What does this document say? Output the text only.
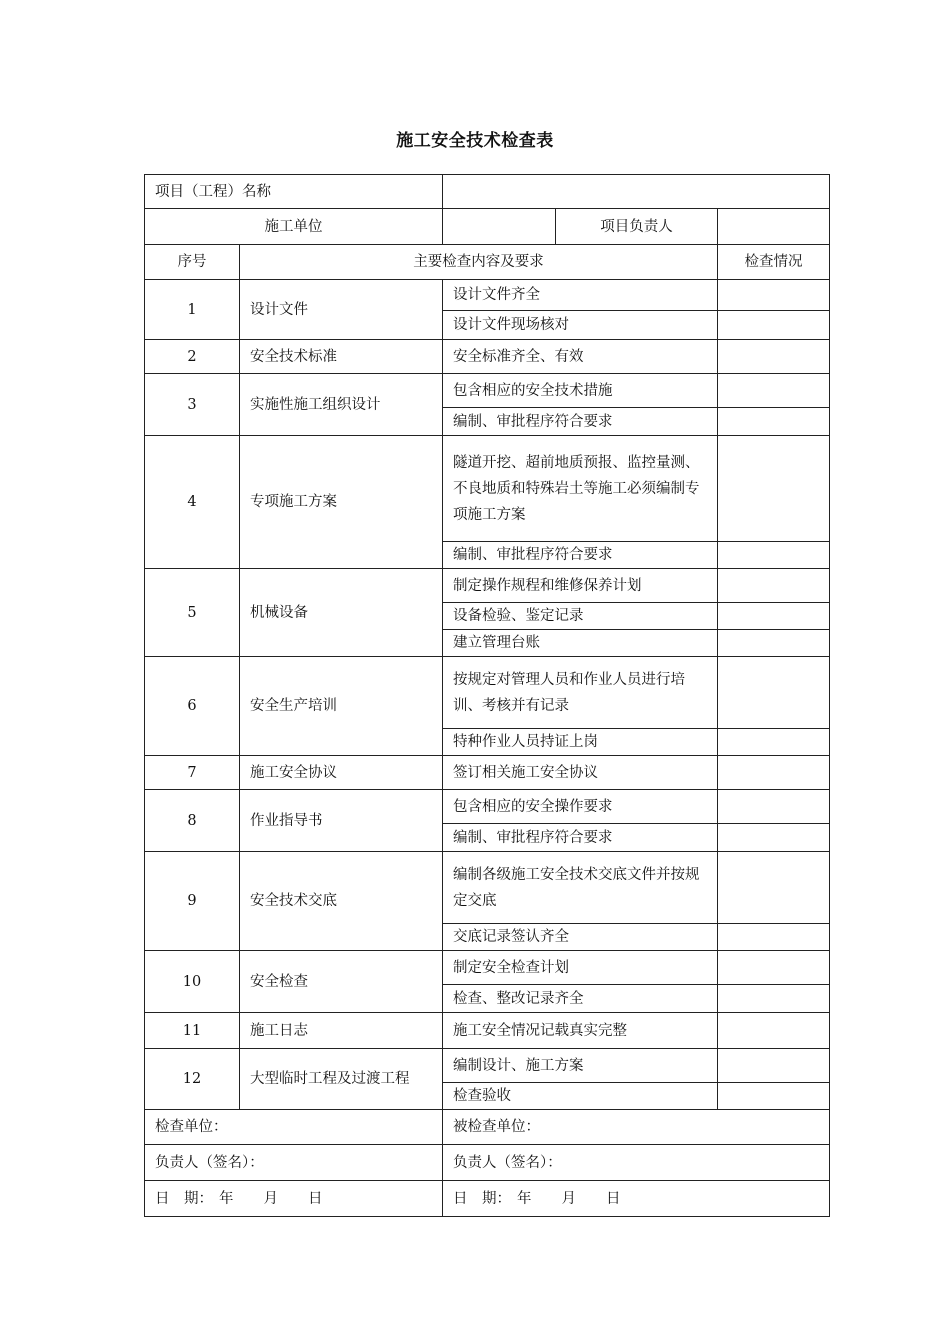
施工安全技术检查表
项目（工程）名称				
施工单位			项目负责人	
序号	主要检查内容及要求			检查情况
1	设计文件	设计文件齐全		
		设计文件现场核对		
2	安全技术标准	安全标准齐全、有效		
3	实施性施工组织设计	包含相应的安全技术措施		
		编制、审批程序符合要求		
4	专项施工方案	隧道开挖、超前地质预报、监控量测、不良地质和特殊岩土等施工必须编制专项施工方案		
		编制、审批程序符合要求		
5	机械设备	制定操作规程和维修保养计划		
		设备检验、鉴定记录		
		建立管理台账		
6	安全生产培训	按规定对管理人员和作业人员进行培训、考核并有记录		
		特种作业人员持证上岗		
7	施工安全协议	签订相关施工安全协议		
8	作业指导书	包含相应的安全操作要求		
		编制、审批程序符合要求		
9	安全技术交底	编制各级施工安全技术交底文件并按规定交底		
		交底记录签认齐全		
10	安全检查	制定安全检查计划		
		检查、整改记录齐全		
11	施工日志	施工安全情况记载真实完整		
12	大型临时工程及过渡工程	编制设计、施工方案		
		检查验收		
检查单位：		被检查单位：		
负责人（签名）：		负责人（签名）：		
日　期： 年 月 日		日　期： 年 月 日		
